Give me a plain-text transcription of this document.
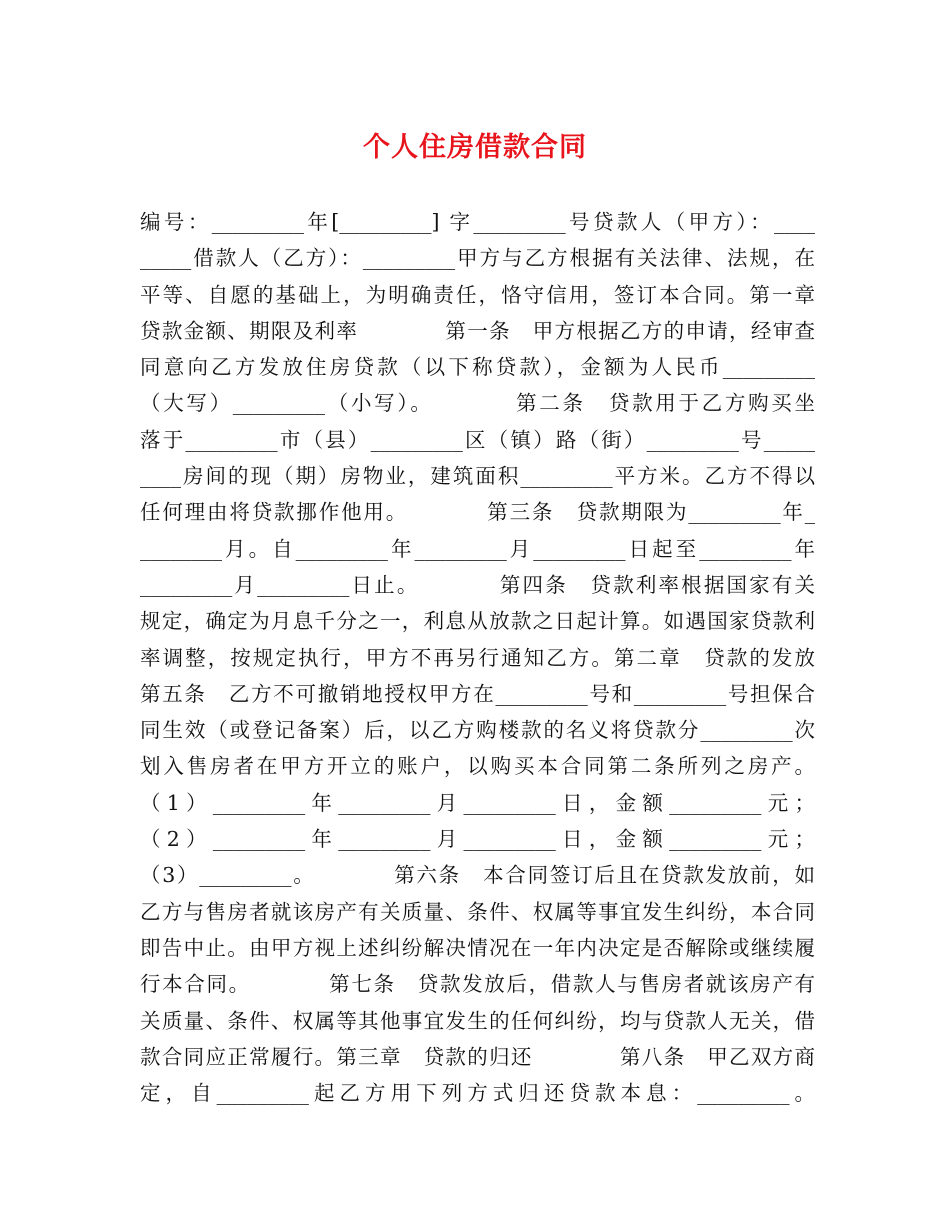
个人住房借款合同
编号：_________年[_________] 字_________号贷款人（甲方）：____
_____借款人（乙方）：_________甲方与乙方根据有关法律、法规，在
平等、自愿的基础上，为明确责任，恪守信用，签订本合同。第一章
贷款金额、期限及利率　　　　第一条　甲方根据乙方的申请，经审查
同意向乙方发放住房贷款（以下称贷款），金额为人民币_________
（大写）_________（小写）。　　　　第二条　贷款用于乙方购买坐
落于_________市（县）_________区（镇）路（街）_________号_____
____房间的现（期）房物业，建筑面积_________平方米。乙方不得以
任何理由将贷款挪作他用。　　　　第三条　贷款期限为_________年_
________月。自_________年_________月_________日起至_________年
_________月_________日止。　　　　第四条　贷款利率根据国家有关
规定，确定为月息千分之一，利息从放款之日起计算。如遇国家贷款利
率调整，按规定执行，甲方不再另行通知乙方。第二章　贷款的发放
第五条　乙方不可撤销地授权甲方在_________号和_________号担保合
同生效（或登记备案）后，以乙方购楼款的名义将贷款分_________次
划入售房者在甲方开立的账户，以购买本合同第二条所列之房产。
（1）_________年_________月_________日，金额_________元；
（2）_________年_________月_________日，金额_________元；
（3）_________。　　　　第六条　本合同签订后且在贷款发放前，如
乙方与售房者就该房产有关质量、条件、权属等事宜发生纠纷，本合同
即告中止。由甲方视上述纠纷解决情况在一年内决定是否解除或继续履
行本合同。　　　　第七条　贷款发放后，借款人与售房者就该房产有
关质量、条件、权属等其他事宜发生的任何纠纷，均与贷款人无关，借
款合同应正常履行。第三章　贷款的归还　　　　第八条　甲乙双方商
定，自_________起乙方用下列方式归还贷款本息：_________。
